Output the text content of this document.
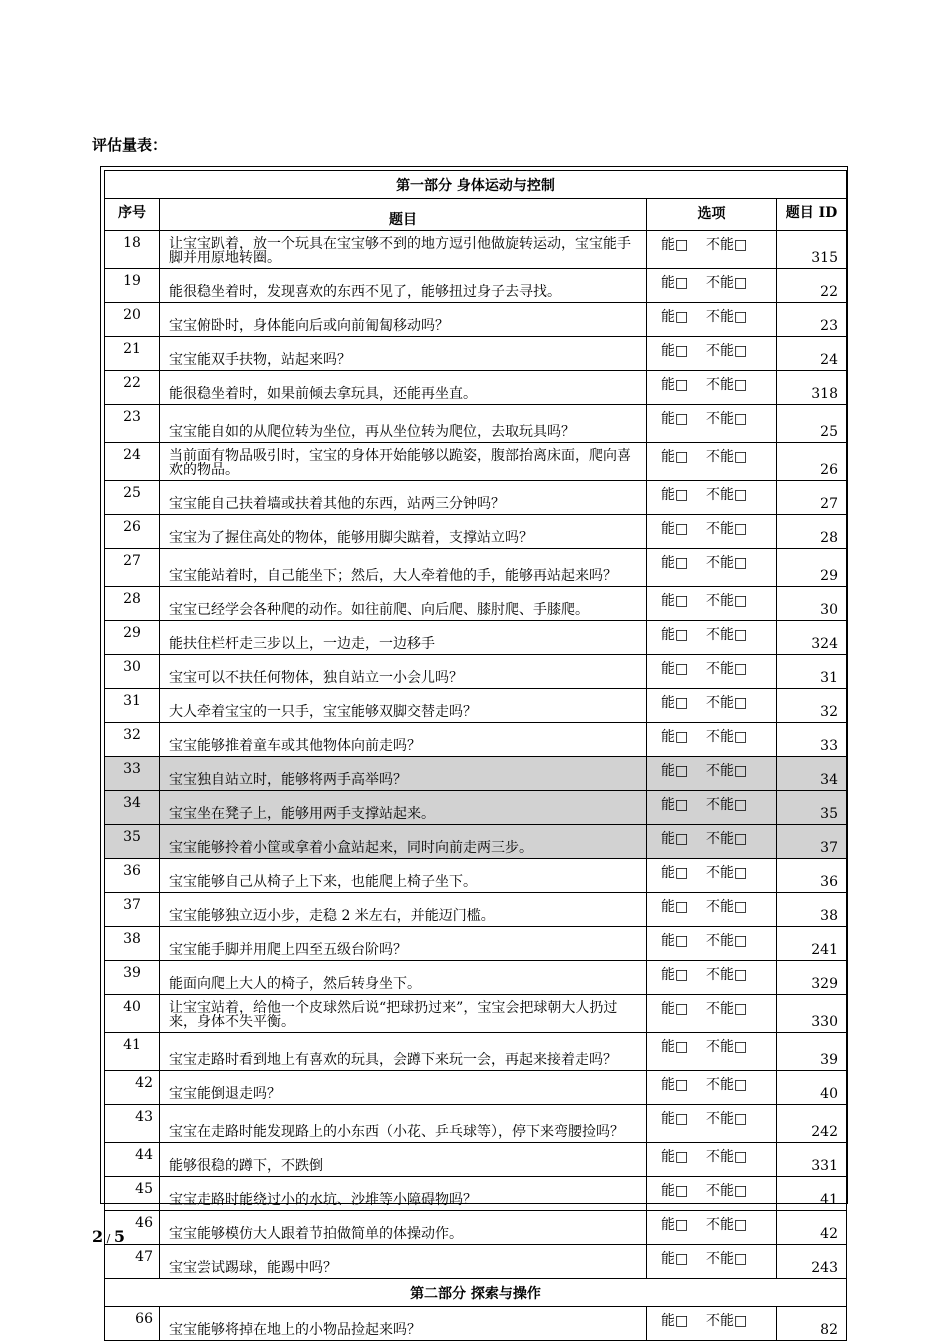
评估量表：
第一部分 身体运动与控制			
序号	题目	选项	题目 ID
18	让宝宝趴着，放一个玩具在宝宝够不到的地方逗引他做旋转运动，宝宝能手脚并用原地转圈。	能□    不能□	315
19	能很稳坐着时，发现喜欢的东西不见了，能够扭过身子去寻找。	能□    不能□	22
20	宝宝俯卧时，身体能向后或向前匍匐移动吗？	能□    不能□	23
21	宝宝能双手扶物，站起来吗？	能□    不能□	24
22	能很稳坐着时，如果前倾去拿玩具，还能再坐直。	能□    不能□	318
23	宝宝能自如的从爬位转为坐位，再从坐位转为爬位，去取玩具吗？	能□    不能□	25
24	当前面有物品吸引时，宝宝的身体开始能够以跪姿，腹部抬离床面，爬向喜欢的物品。	能□    不能□	26
25	宝宝能自己扶着墙或扶着其他的东西，站两三分钟吗？	能□    不能□	27
26	宝宝为了握住高处的物体，能够用脚尖踮着，支撑站立吗？	能□    不能□	28
27	宝宝能站着时，自己能坐下；然后，大人牵着他的手，能够再站起来吗？	能□    不能□	29
28	宝宝已经学会各种爬的动作。如往前爬、向后爬、膝肘爬、手膝爬。	能□    不能□	30
29	能扶住栏杆走三步以上，一边走，一边移手	能□    不能□	324
30	宝宝可以不扶任何物体，独自站立一小会儿吗？	能□    不能□	31
31	大人牵着宝宝的一只手，宝宝能够双脚交替走吗？	能□    不能□	32
32	宝宝能够推着童车或其他物体向前走吗？	能□    不能□	33
33	宝宝独自站立时，能够将两手高举吗？	能□    不能□	34
34	宝宝坐在凳子上，能够用两手支撑站起来。	能□    不能□	35
35	宝宝能够拎着小筐或拿着小盒站起来，同时向前走两三步。	能□    不能□	37
36	宝宝能够自己从椅子上下来，也能爬上椅子坐下。	能□    不能□	36
37	宝宝能够独立迈小步，走稳 2 米左右，并能迈门槛。	能□    不能□	38
38	宝宝能手脚并用爬上四至五级台阶吗？	能□    不能□	241
39	能面向爬上大人的椅子，然后转身坐下。	能□    不能□	329
40	让宝宝站着，给他一个皮球然后说“把球扔过来”，宝宝会把球朝大人扔过来，身体不失平衡。	能□    不能□	330
41	宝宝走路时看到地上有喜欢的玩具，会蹲下来玩一会，再起来接着走吗？	能□    不能□	39
42	宝宝能倒退走吗？	能□    不能□	40
43	宝宝在走路时能发现路上的小东西（小花、乒乓球等），停下来弯腰捡吗？	能□    不能□	242
44	能够很稳的蹲下，不跌倒	能□    不能□	331
45	宝宝走路时能绕过小的水坑、沙堆等小障碍物吗？	能□    不能□	41
46	宝宝能够模仿大人跟着节拍做简单的体操动作。	能□    不能□	42
47	宝宝尝试踢球，能踢中吗？	能□    不能□	243
第二部分 探索与操作			
66	宝宝能够将掉在地上的小物品捡起来吗？	能□    不能□	82
2 / 5
